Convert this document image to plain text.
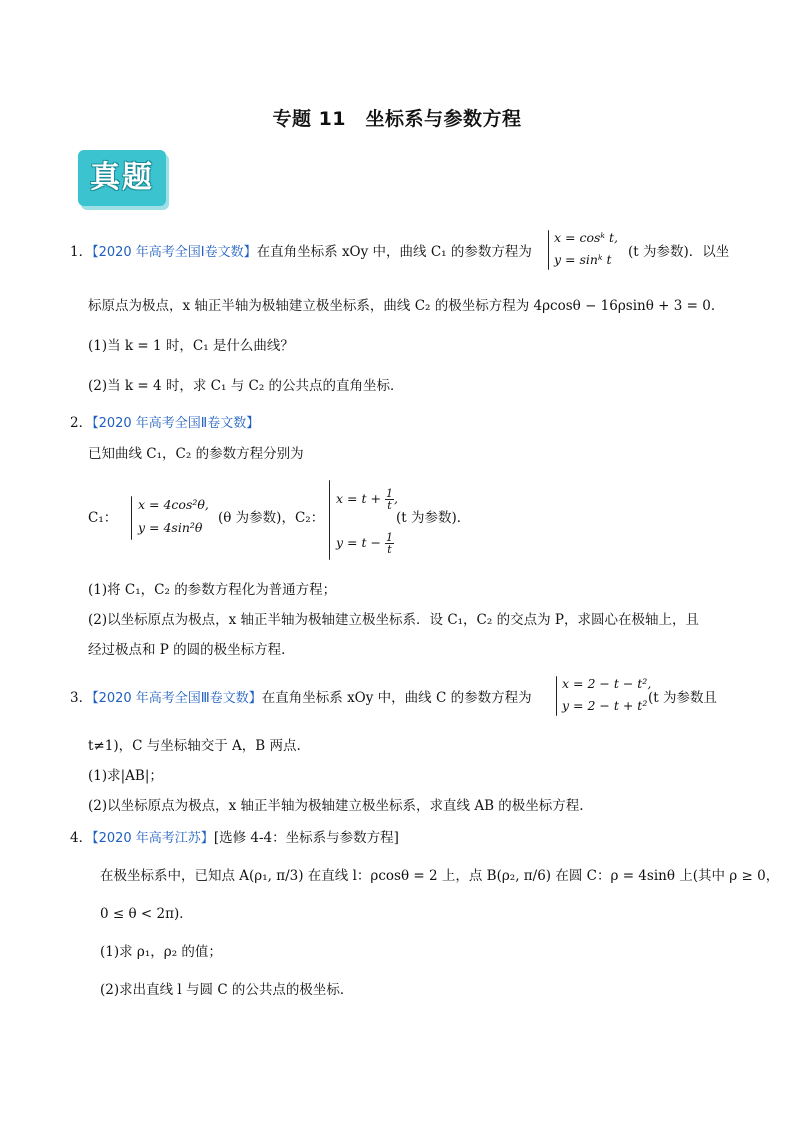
专题 11　坐标系与参数方程
真题
1．【2020 年高考全国Ⅰ卷文数】在直角坐标系 xOy 中，曲线 C₁ 的参数方程为
x = cosᵏ t,
y = sinᵏ t (t 为参数)．以坐
标原点为极点，x 轴正半轴为极轴建立极坐标系，曲线 C₂ 的极坐标方程为 4ρcosθ − 16ρsinθ + 3 = 0．
(1)当 k = 1 时，C₁ 是什么曲线？
(2)当 k = 4 时，求 C₁ 与 C₂ 的公共点的直角坐标．
2．【2020 年高考全国Ⅱ卷文数】
已知曲线 C₁，C₂ 的参数方程分别为
C₁：
x = 4cos²θ,
y = 4sin²θ
(θ 为参数)，C₂：
$x = t + \frac{1}{t}$ ,
$y = t - \frac{1}{t}$
(t 为参数)．
(1)将 C₁，C₂ 的参数方程化为普通方程；
(2)以坐标原点为极点，x 轴正半轴为极轴建立极坐标系．设 C₁，C₂ 的交点为 P，求圆心在极轴上，且
经过极点和 P 的圆的极坐标方程．
3．【2020 年高考全国Ⅲ卷文数】在直角坐标系 xOy 中，曲线 C 的参数方程为
x = 2 − t − t²,
y = 2 − t + t² (t 为参数且
t≠1)，C 与坐标轴交于 A，B 两点.
(1)求|AB|；
(2)以坐标原点为极点，x 轴正半轴为极轴建立极坐标系，求直线 AB 的极坐标方程.
4．【2020 年高考江苏】[选修 4-4：坐标系与参数方程]
在极坐标系中，已知点 A(ρ₁, π/3) 在直线 l：ρcosθ = 2 上，点 B(ρ₂, π/6) 在圆 C：ρ = 4sinθ 上(其中 ρ ≥ 0，
0 ≤ θ < 2π)．
(1)求 ρ₁，ρ₂ 的值；
(2)求出直线 l 与圆 C 的公共点的极坐标．
